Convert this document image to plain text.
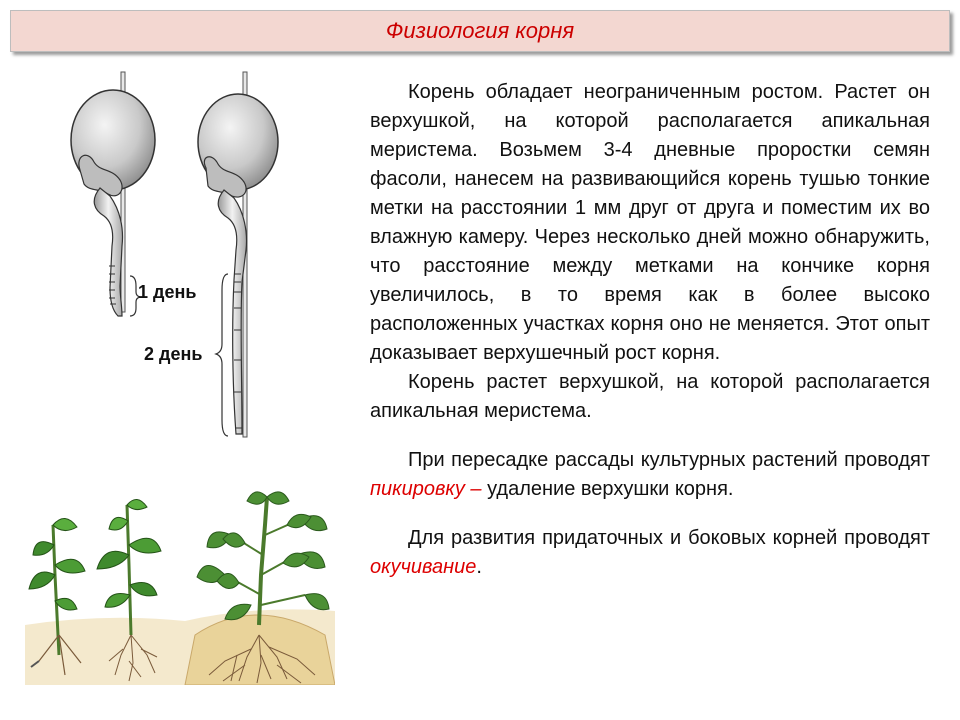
Физиология корня
1 день
2 день

Корень обладает неограниченным ростом. Растет он верхушкой, на которой располагается апикальная меристема. Возьмем 3-4 дневные проростки семян фасоли, нанесем на развивающийся корень тушью тонкие метки на расстоянии 1 мм друг от друга и поместим их во влажную камеру. Через несколько дней можно обнаружить, что расстояние между метками на кончике корня увеличилось, в то время как в более высоко расположенных участках корня оно не меняется. Этот опыт доказывает верхушечный рост корня.

Корень растет верхушкой, на которой располагается апикальная меристема.

При пересадке рассады культурных растений проводят пикировку – удаление верхушки корня.

Для развития придаточных и боковых корней проводят окучивание.
